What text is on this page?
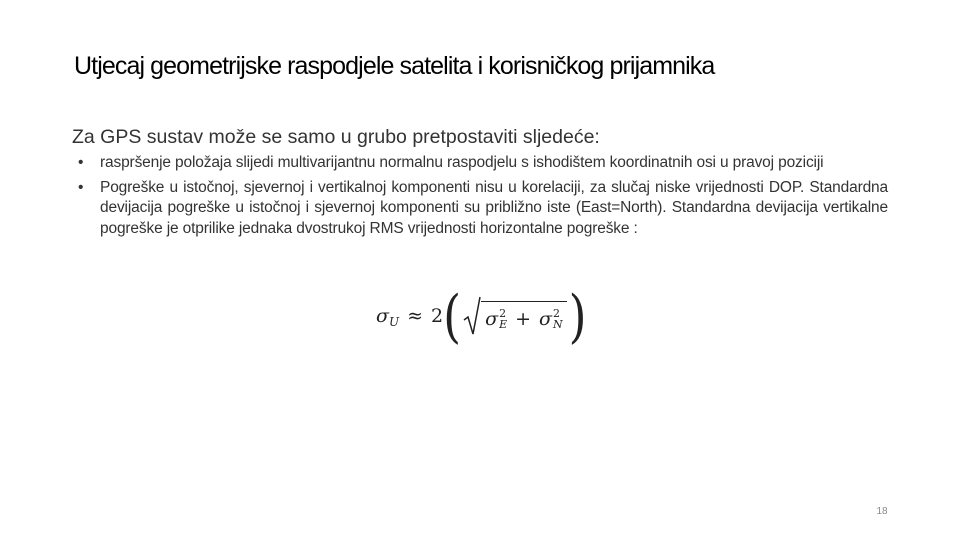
Utjecaj geometrijske raspodjele satelita i korisničkog prijamnika

Za GPS sustav može se samo u grubo pretpostaviti sljedeće:

• raspršenje položaja slijedi multivarijantnu normalnu raspodjelu s ishodištem koordinatnih osi u pravoj poziciji
• Pogreške u istočnoj, sjevernoj i vertikalnoj komponenti nisu u korelaciji, za slučaj niske vrijednosti DOP. Standardna devijacija pogreške u istočnoj i sjevernoj komponenti su približno iste (East=North). Standardna devijacija vertikalne pogreške je otprilike jednaka dvostrukoj RMS vrijednosti horizontalne pogreške :
σ U ≈ 2 ( σ 2
E + σ 2
N )
18
